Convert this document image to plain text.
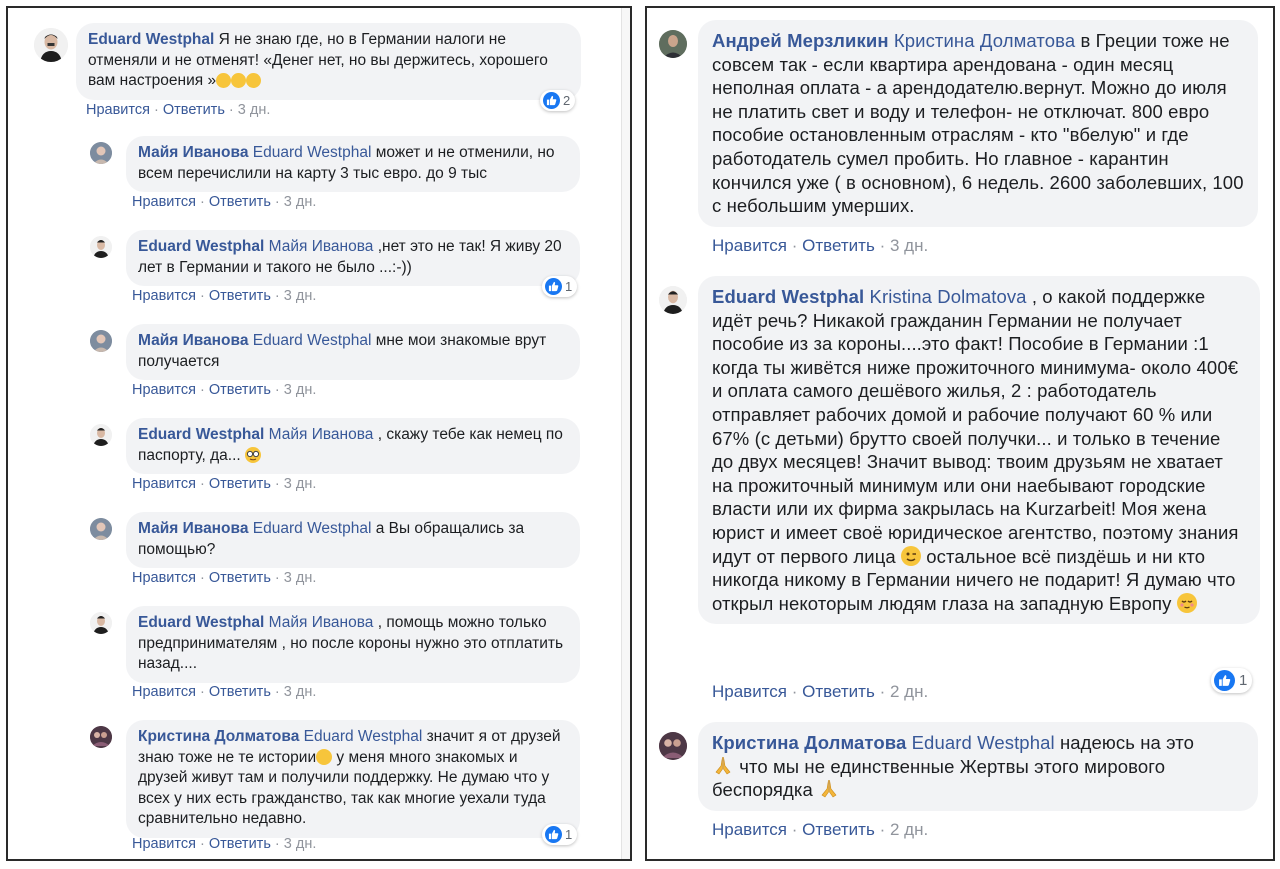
Eduard Westphal Я не знаю где, но в Германии налоги не отменяли и не отменят! «Денег нет, но вы держитесь, хорошего вам настроения »
2
Нравится · Ответить · 3 дн.
Майя Иванова Eduard Westphal может и не отменили, но всем перечислили на карту 3 тыс евро. до 9 тыс
Нравится · Ответить · 3 дн.
Eduard Westphal Майя Иванова ,нет это не так! Я живу 20 лет в Германии и такого не было ...:-))
1
Нравится · Ответить · 3 дн.
Майя Иванова Eduard Westphal мне мои знакомые врут получается
Нравится · Ответить · 3 дн.
Eduard Westphal Майя Иванова , скажу тебе как немец по паспорту, да...
Нравится · Ответить · 3 дн.
Майя Иванова Eduard Westphal а Вы обращались за помощью?
Нравится · Ответить · 3 дн.
Eduard Westphal Майя Иванова , помощь можно только предпринимателям , но после короны нужно это отплатить назад....
Нравится · Ответить · 3 дн.
Кристина Долматова Eduard Westphal значит я от друзей знаю тоже не те истории у меня много знакомых и друзей живут там и получили поддержку. Не думаю что у всех у них есть гражданство, так как многие уехали туда сравнительно недавно.
1
Нравится · Ответить · 3 дн.
Андрей Мерзликин Кристина Долматова в Греции тоже не совсем так - если квартира арендована - один месяц неполная оплата - а арендодателю.вернут. Можно до июля не платить свет и воду и телефон- не отключат. 800 евро пособие остановленным отраслям - кто "вбелую" и где работодатель сумел пробить. Но главное - карантин кончился уже ( в основном), 6 недель. 2600 заболевших, 100 с небольшим умерших.
Нравится · Ответить · 3 дн.
Eduard Westphal Kristina Dolmatova , о какой поддержке идёт речь? Никакой гражданин Германии не получает пособие из за короны....это факт! Пособие в Германии :1 когда ты живётся ниже прожиточного минимума- около 400€ и оплата самого дешёвого жилья, 2 : работодатель отправляет рабочих домой и рабочие получают 60 % или 67% (с детьми) брутто своей получки... и только в течение до двух месяцев! Значит вывод: твоим друзьям не хватает на прожиточный минимум или они наебывают городские власти или их фирма закрылась на Kurzarbeit! Моя жена юрист и имеет своё юридическое агентство, поэтому знания идут от первого лица  остальное всё пиздёшь и ни кто никогда никому в Германии ничего не подарит! Я думаю что открыл некоторым людям глаза на западную Европу
1
Нравится · Ответить · 2 дн.
Кристина Долматова Eduard Westphal надеюсь на это
что мы не единственные Жертвы этого мирового беспорядка
Нравится · Ответить · 2 дн.
